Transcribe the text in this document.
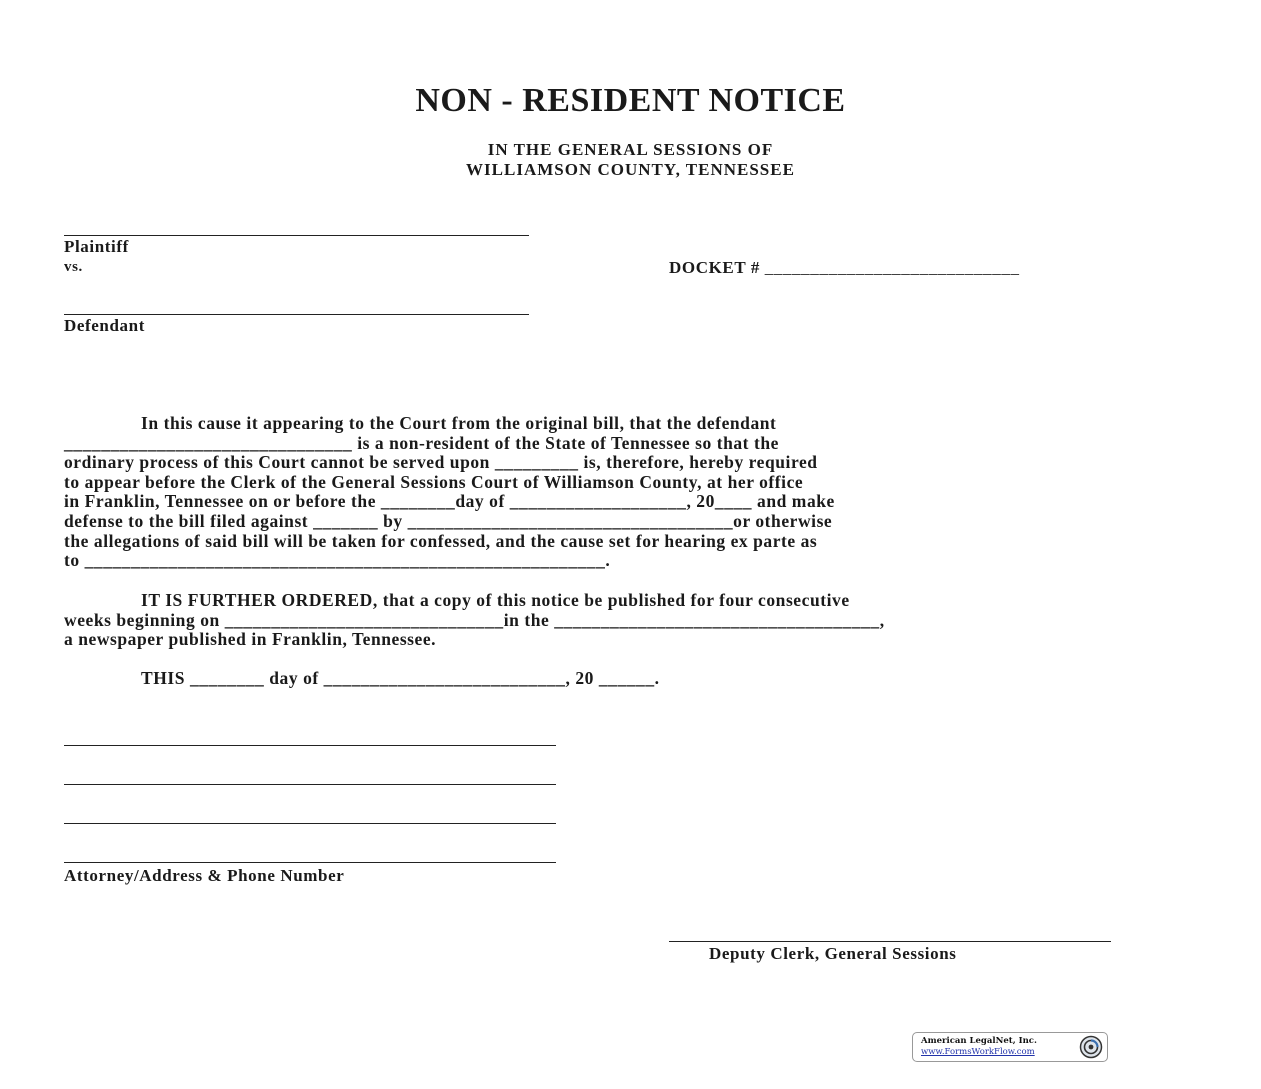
NON - RESIDENT NOTICE
IN THE GENERAL SESSIONS OF
WILLIAMSON COUNTY, TENNESSEE
Plaintiff
vs.	DOCKET # ____________________________
Defendant

In this cause it appearing to the Court from the original bill, that the defendant

_______________________________ is a non-resident of the State of Tennessee so that the

ordinary process of this Court cannot be served upon _________ is, therefore, hereby required

to appear before the Clerk of the General Sessions Court of Williamson County, at her office

in Franklin, Tennessee on or before the ________day of ___________________, 20____ and make

defense to the bill filed against _______ by ___________________________________or otherwise

the allegations of said bill will be taken for confessed, and the cause set for hearing ex parte as

to ________________________________________________________.

IT IS FURTHER ORDERED, that a copy of this notice be published for four consecutive

weeks beginning on ______________________________in the ___________________________________,

a newspaper published in Franklin, Tennessee.

THIS ________ day of __________________________, 20 ______.

Attorney/Address & Phone Number
Deputy Clerk, General Sessions
American LegalNet, Inc.
www.FormsWorkFlow.com
